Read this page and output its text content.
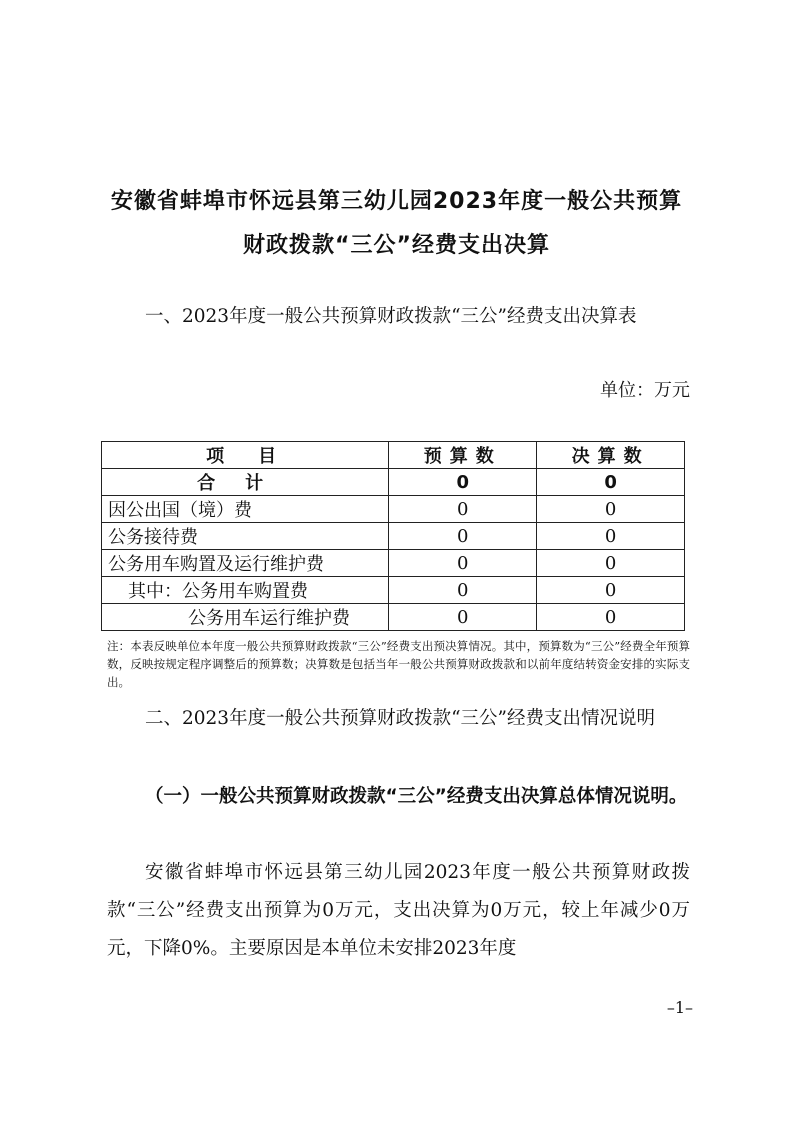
安徽省蚌埠市怀远县第三幼儿园2023年度一般公共预算
财政拨款“三公”经费支出决算
一、2023年度一般公共预算财政拨款“三公”经费支出决算表
单位：万元
项　目	预算数	决算数
合计	0	0
因公出国（境）费	0	0
公务接待费	0	0
公务用车购置及运行维护费	0	0
其中：公务用车购置费	0	0
公务用车运行维护费	0	0
注：本表反映单位本年度一般公共预算财政拨款“三公”经费支出预决算情况。其中，预算数为“三公”经费全年预算数，反映按规定程序调整后的预算数；决算数是包括当年一般公共预算财政拨款和以前年度结转资金安排的实际支出。
二、2023年度一般公共预算财政拨款“三公”经费支出情况说明
（一）一般公共预算财政拨款“三公”经费支出决算总体情况说明。
安徽省蚌埠市怀远县第三幼儿园2023年度一般公共预算财政拨款“三公”经费支出预算为0万元，支出决算为0万元，较上年减少0万元，下降0%。主要原因是本单位未安排2023年度
–1–
